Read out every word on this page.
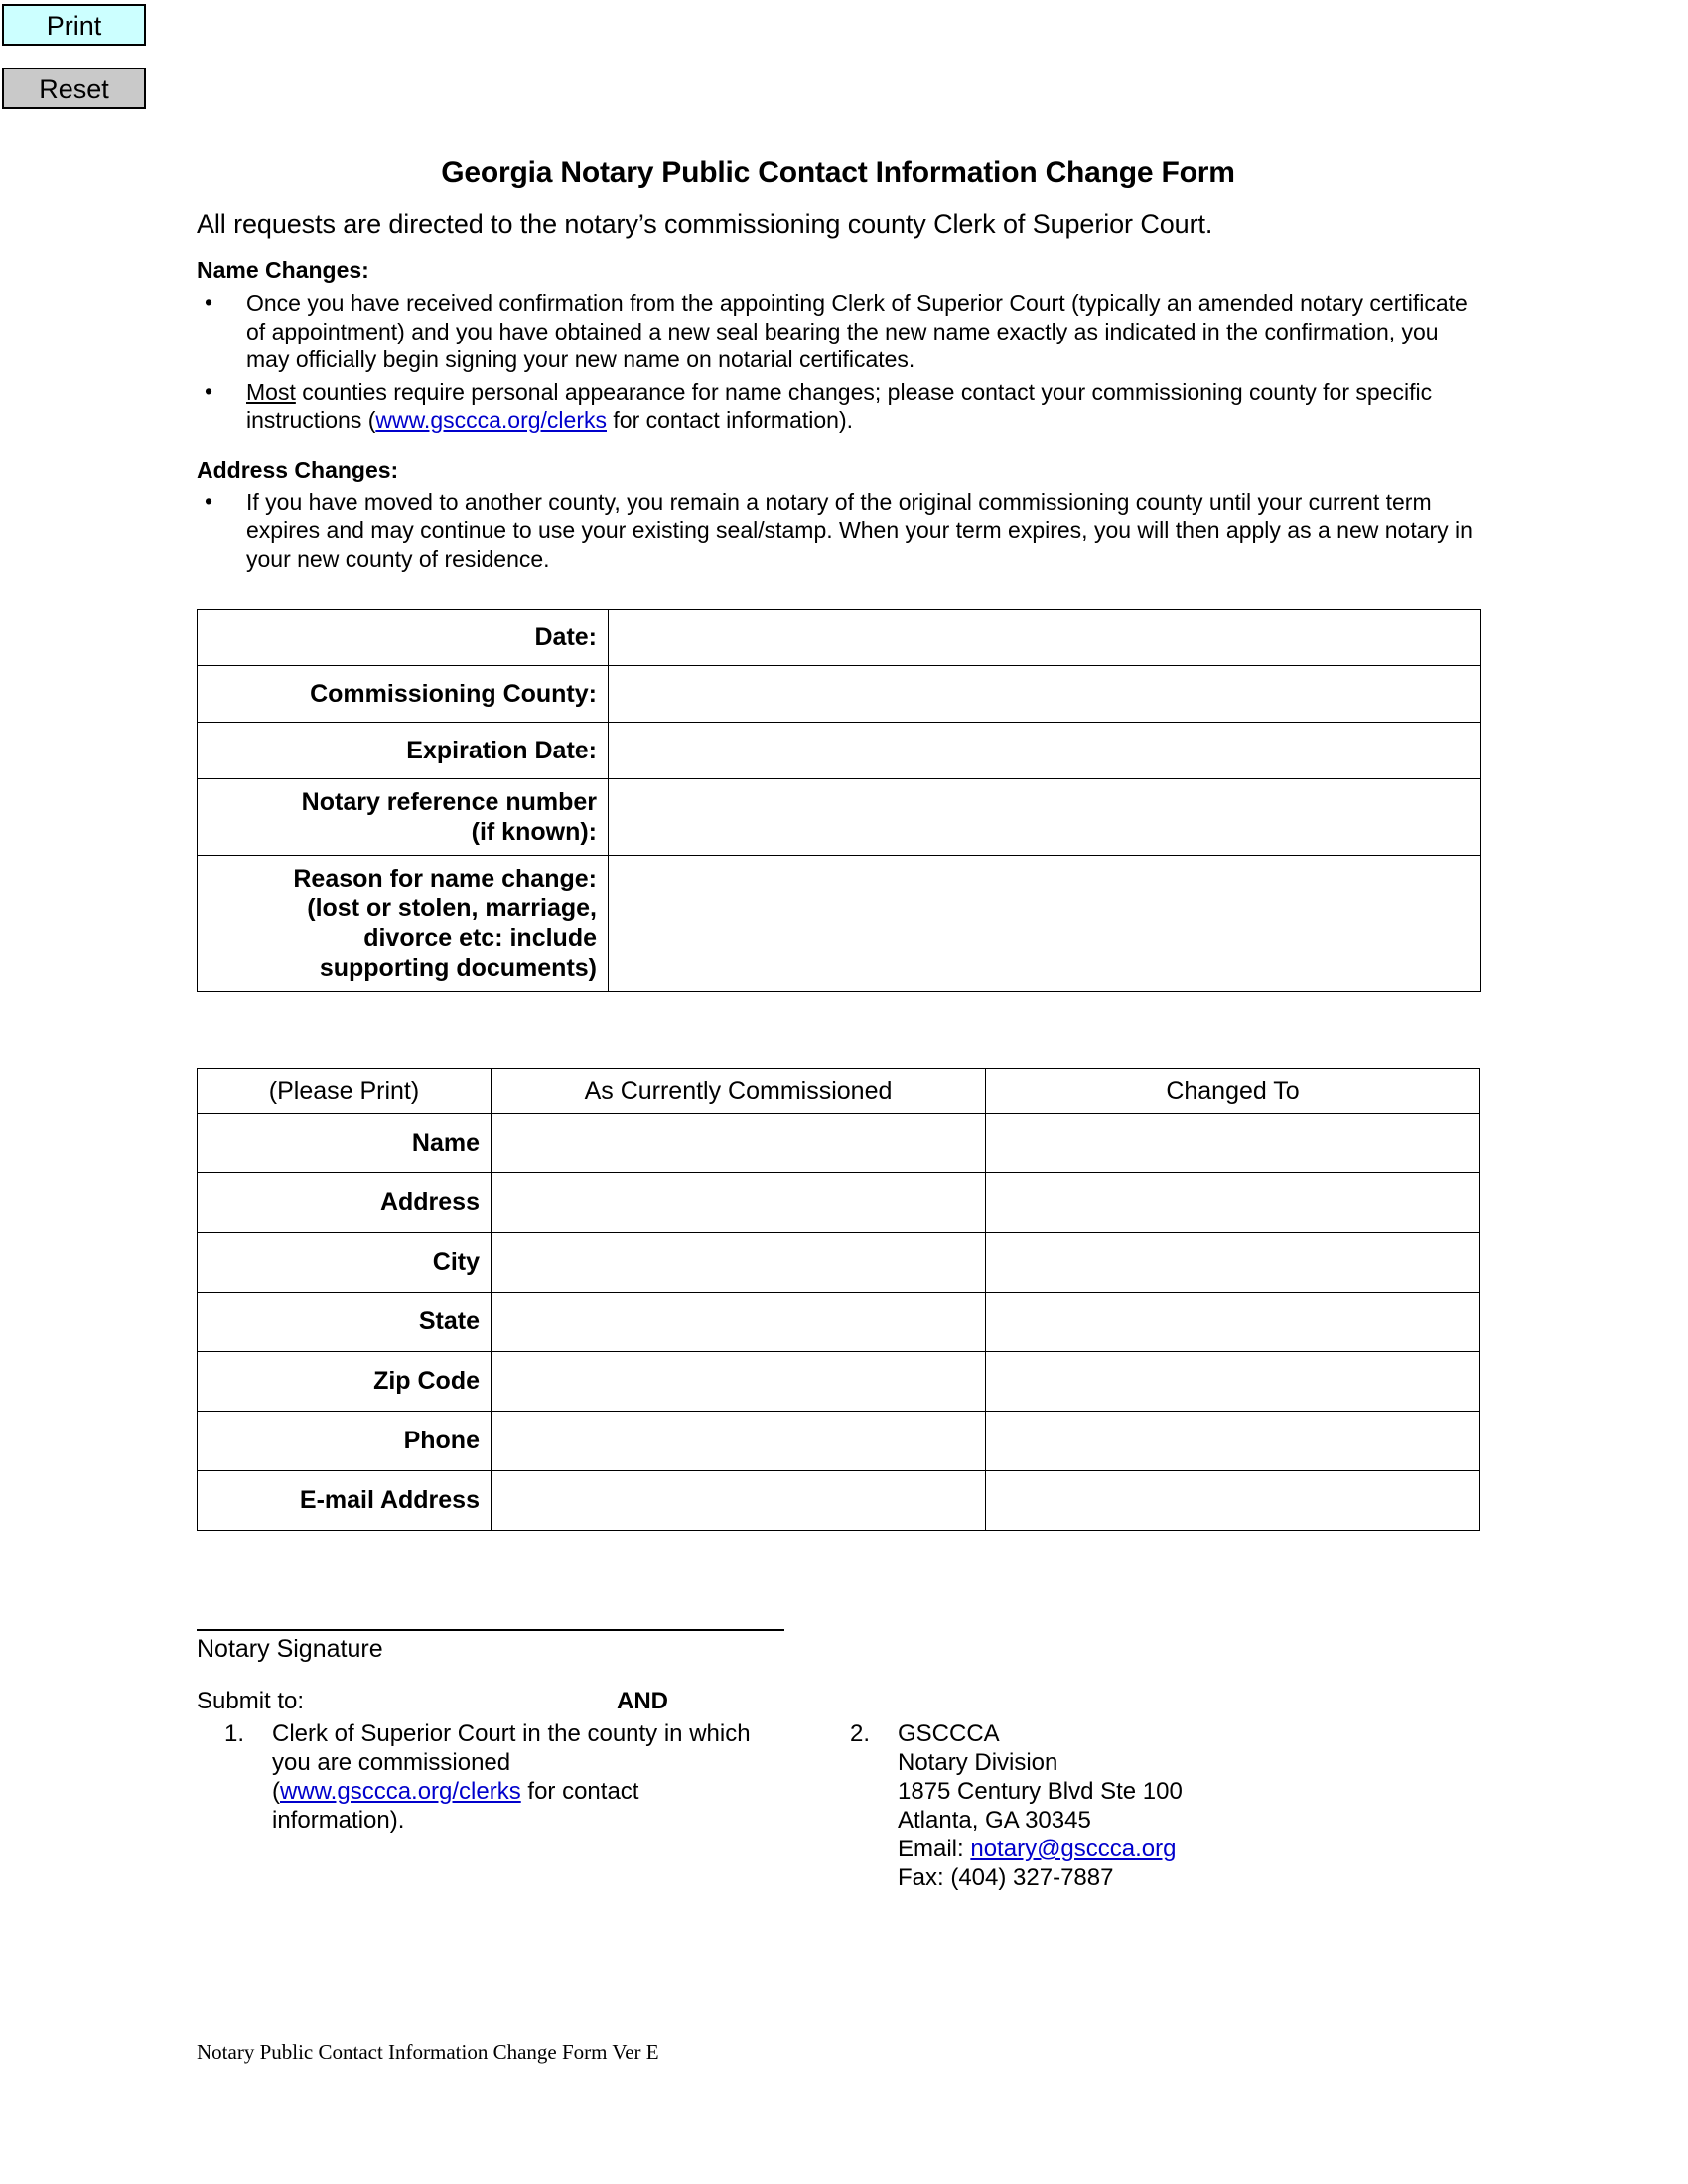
Print
Reset
Georgia Notary Public Contact Information Change Form

All requests are directed to the notary’s commissioning county Clerk of Superior Court.

Name Changes:
• Once you have received confirmation from the appointing Clerk of Superior Court (typically an amended notary certificate of appointment) and you have obtained a new seal bearing the new name exactly as indicated in the confirmation, you may officially begin signing your new name on notarial certificates.
• Most counties require personal appearance for name changes; please contact your commissioning county for specific instructions (www.gsccca.org/clerks for contact information).
Address Changes:
• If you have moved to another county, you remain a notary of the original commissioning county until your current term expires and may continue to use your existing seal/stamp. When your term expires, you will then apply as a new notary in your new county of residence.
Date:	
Commissioning County:	
Expiration Date:	

Notary reference number
(if known):

Reason for name change:
(lost or stolen, marriage,
divorce etc: include
supporting documents)

(Please Print)	As Currently Commissioned	Changed To
Name		
Address		
City		
State		
Zip Code		
Phone		
E-mail Address		
Notary Signature
Submit to:	AND
1.	Clerk of Superior Court in the county in which you are commissioned (www.gsccca.org/clerks for contact information).
2.	GSCCCA
Notary Division
1875 Century Blvd Ste 100
Atlanta, GA 30345
Email: notary@gsccca.org
Fax: (404) 327-7887
Notary Public Contact Information Change Form Ver E
